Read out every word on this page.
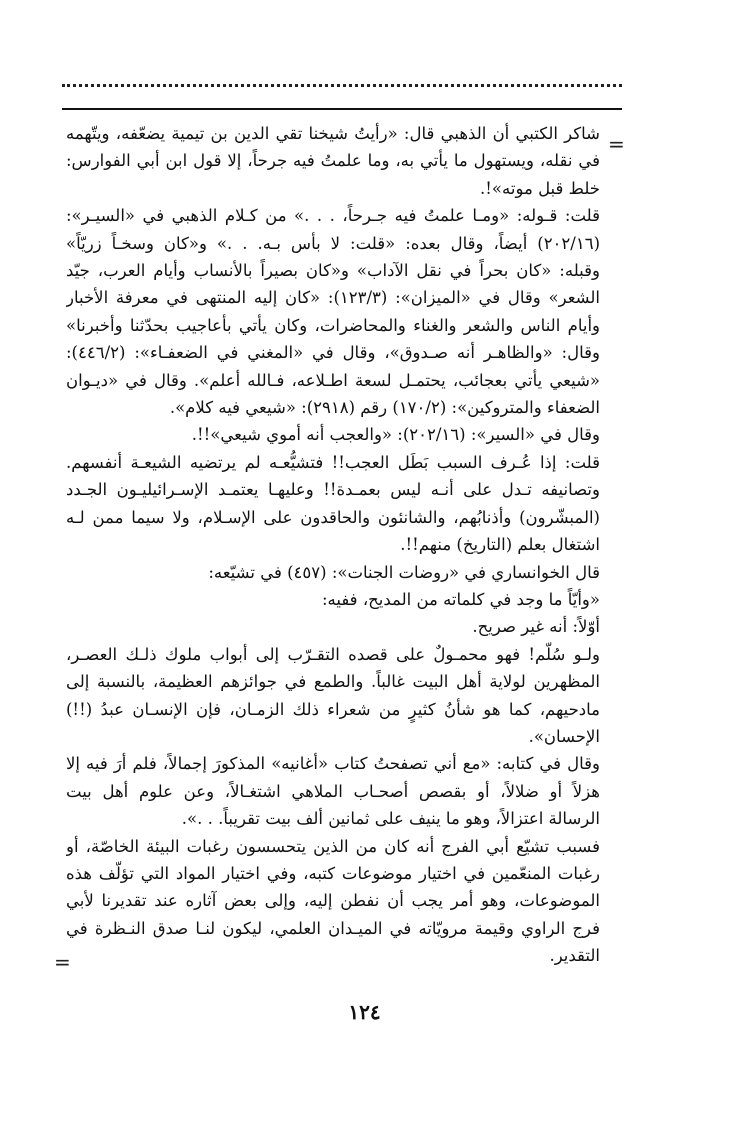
=
شاكر الكتبي أن الذهبي قال: «رأيتُ شيخنا تقي الدين بن تيمية يضعّفه، ويتّهمه
في نقله، ويستهول ما يأتي به، وما علمتُ فيه جرحاً، إلا قول ابن أبي الفوارس:
خلط قبل موته»!.
قلت: قـوله: «ومـا علمتُ فيه جـرحاً، . . .» من كـلام الذهبي في «السيـر»:
(٢٠٢/١٦) أيضاً، وقال بعده: «قلت: لا بأس بـه. . .» و«كان وسخـاً زريّاً»
وقبله: «كان بحراً في نقل الآداب» و«كان بصيراً بالأنساب وأيام العرب، جيّد
الشعر» وقال في «الميزان»: (١٢٣/٣): «كان إليه المنتهى في معرفة الأخبار
وأيام الناس والشعر والغناء والمحاضرات، وكان يأتي بأعاجيب بحدّثنا وأخبرنا»
وقال: «والظاهـر أنه صـدوق»، وقال في «المغني في الضعفـاء»: (٤٤٦/٢):
«شيعي يأتي بعجائب، يحتمـل لسعة اطـلاعه، فـالله أعلم». وقال في «ديـوان
الضعفاء والمتروكين»: (١٧٠/٢) رقم (٢٩١٨): «شيعي فيه كلام».
وقال في «السير»: (٢٠٢/١٦): «والعجب أنه أموي شيعي»!!.
قلت: إذا عُـرف السبب بَطَل العجب!! فتشيُّعـه لم يرتضيه الشيعـة أنفسهم.
وتصانيفه تـدل على أنـه ليس بعمـدة!! وعليهـا يعتمـد الإسـرائيليـون الجـدد
(المبشّرون) وأذنابُهم، والشانئون والحاقدون على الإسـلام، ولا سيما ممن لـه
اشتغال بعلم (التاريخ) منهم!!.
قال الخوانساري في «روضات الجنات»: (٤٥٧) في تشيّعه:
«وأيّاً ما وجد في كلماته من المديح، ففيه:
أوّلاً: أنه غير صريح.
ولـو سُلّم! فهو محمـولٌ على قصده التقـرّب إلى أبواب ملوك ذلـك العصـر،
المظهرين لولاية أهل البيت غالباً. والطمع في جوائزهم العظيمة، بالنسبة إلى
مادحيهم، كما هو شأنُ كثيرٍ من شعراء ذلك الزمـان، فإن الإنسـان عبدُ (!!)
الإحسان».
وقال في كتابه: «مع أني تصفحتُ كتاب «أغانيه» المذكورَ إجمالاً، فلم أرَ فيه إلا
هزلاً أو ضلالاً، أو بقصص أصحـاب الملاهي اشتغـالاً، وعن علوم أهل بيت
الرسالة اعتزالاً، وهو ما ينيف على ثمانين ألف بيت تقريباً. . .».
فسبب تشيّع أبي الفرج أنه كان من الذين يتحسسون رغبات البيئة الخاصّة، أو
رغبات المنعّمين في اختيار موضوعات كتبه، وفي اختيار المواد التي تؤلّف هذه
الموضوعات، وهو أمر يجب أن نفطن إليه، وإلى بعض آثاره عند تقديرنا لأبي
فرج الراوي وقيمة مرويّاته في الميـدان العلمي، ليكون لنـا صدق النـظرة في
التقدير.
=
١٢٤
